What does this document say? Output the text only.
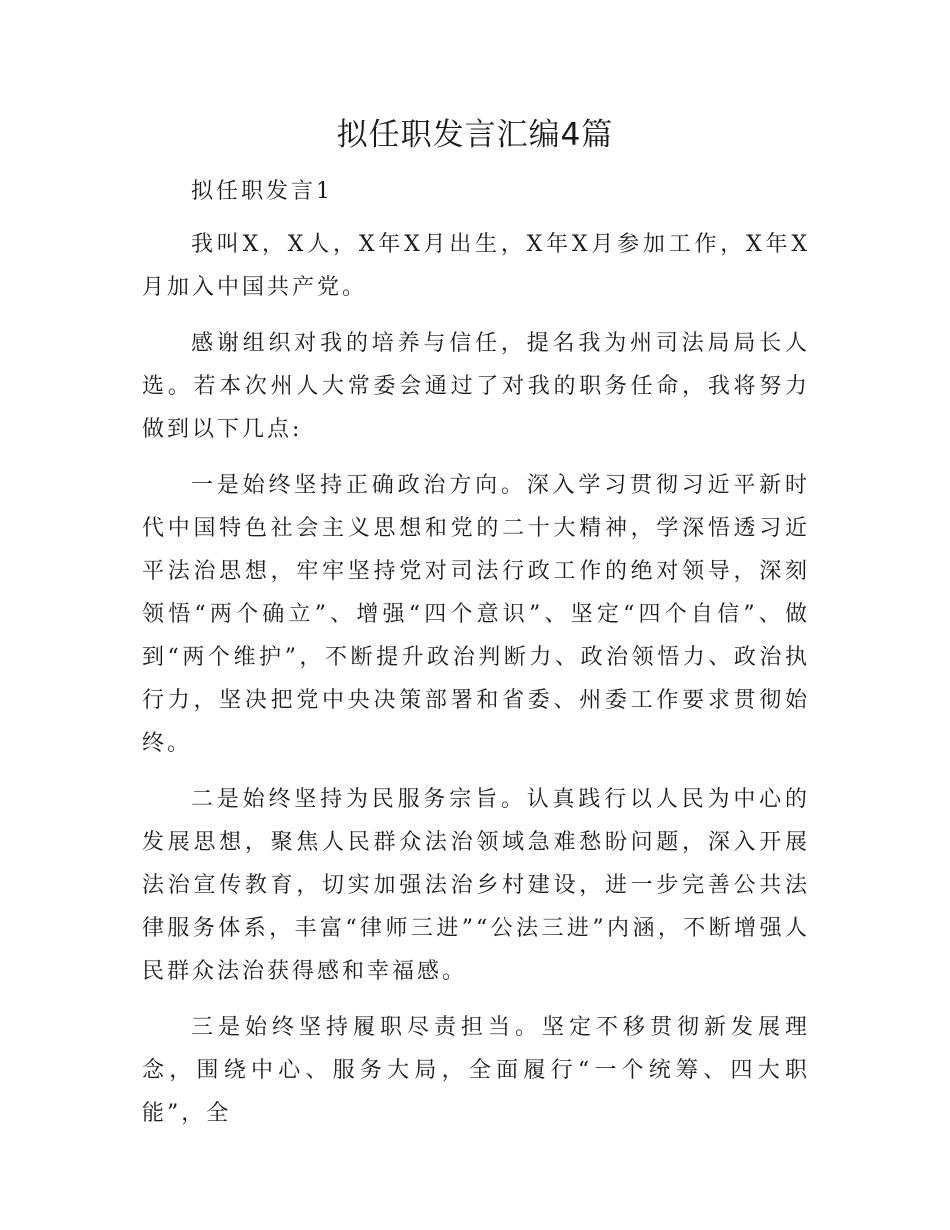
拟任职发言汇编4篇

拟任职发言1

我叫X，X人，X年X月出生，X年X月参加工作，X年X月加入中国共产党。

感谢组织对我的培养与信任，提名我为州司法局局长人选。若本次州人大常委会通过了对我的职务任命，我将努力做到以下几点:

一是始终坚持正确政治方向。深入学习贯彻习近平新时代中国特色社会主义思想和党的二十大精神，学深悟透习近平法治思想，牢牢坚持党对司法行政工作的绝对领导，深刻领悟“两个确立”、增强“四个意识”、坚定“四个自信”、做到“两个维护”，不断提升政治判断力、政治领悟力、政治执行力，坚决把党中央决策部署和省委、州委工作要求贯彻始终。

二是始终坚持为民服务宗旨。认真践行以人民为中心的发展思想，聚焦人民群众法治领域急难愁盼问题，深入开展法治宣传教育，切实加强法治乡村建设，进一步完善公共法律服务体系，丰富“律师三进”“公法三进”内涵，不断增强人民群众法治获得感和幸福感。

三是始终坚持履职尽责担当。坚定不移贯彻新发展理念，围绕中心、服务大局，全面履行“一个统筹、四大职能”，全
